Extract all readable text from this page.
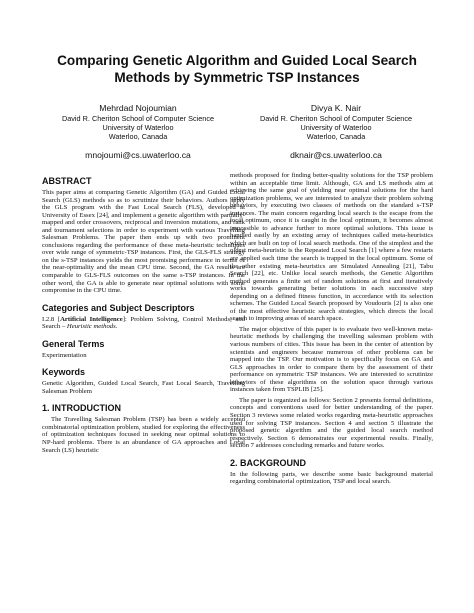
Comparing Genetic Algorithm and Guided Local Search
Methods by Symmetric TSP Instances
Mehrdad Nojoumian
David R. Cheriton School of Computer Science
University of Waterloo
Waterloo, Canada
mnojoumi@cs.uwaterloo.ca
Divya K. Nair
David R. Cheriton School of Computer Science
University of Waterloo
Waterloo, Canada
dknair@cs.uwaterloo.ca
ABSTRACT

This paper aims at comparing Genetic Algorithm (GA) and Guided Local Search (GLS) methods so as to scrutinize their behaviors. Authors apply the GLS program with the Fast Local Search (FLS), developed at University of Essex [24], and implement a genetic algorithm with partially-mapped and order crossovers, reciprocal and inversion mutations, and rank and tournament selections in order to experiment with various Travelling Salesman Problems. The paper then ends up with two prominent conclusions regarding the performance of these meta-heuristic techniques over wide range of symmetric-TSP instances. First, the GLS-FLS strategy on the s-TSP instances yields the most promising performance in terms of the near-optimality and the mean CPU time. Second, the GA results are comparable to GLS-FLS outcomes on the same s-TSP instances. In the other word, the GA is able to generate near optimal solutions with some compromise in the CPU time.

Categories and Subject Descriptors

I.2.8 [Artificial Intelligence]: Problem Solving, Control Methods, and Search – Heuristic methods.

General Terms

Experimentation

Keywords

Genetic Algorithm, Guided Local Search, Fast Local Search, Travelling Salesman Problem

1. INTRODUCTION

The Travelling Salesman Problem (TSP) has been a widely accepted combinatorial optimization problem, studied for exploring the effectiveness of optimization techniques focused in seeking near optimal solutions to NP-hard problems. There is an abundance of GA approaches and Local Search (LS) heuristic

methods proposed for finding better-quality solutions for the TSP problem within an acceptable time limit. Although, GA and LS methods aim at achieving the same goal of yielding near optimal solutions for the hard optimization problems, we are interested to analyze their problem solving behaviors, by executing two classes of methods on the standard s-TSP instances. The main concern regarding local search is the escape from the local optimum, once it is caught in the local optimum, it becomes almost impossible to advance further to more optimal solutions. This issue is handled easily by an existing array of techniques called meta-heuristics which are built on top of local search methods. One of the simplest and the oldest meta-heuristic is the Repeated Local Search [1] where a few restarts are applied each time the search is trapped in the local optimum. Some of the other existing meta-heuristics are Simulated Annealing [21], Tabu Search [22], etc. Unlike local search methods, the Genetic Algorithm method generates a finite set of random solutions at first and iteratively works towards generating better solutions in each successive step depending on a defined fitness function, in accordance with its selection schemes. The Guided Local Search proposed by Voudouris [2] is also one of the most effective heuristic search strategies, which directs the local search to improving areas of search space.

The major objective of this paper is to evaluate two well-known meta-heuristic methods by challenging the travelling salesman problem with various numbers of cities. This issue has been in the center of attention by scientists and engineers because numerous of other problems can be mapped into the TSP. Our motivation is to specifically focus on GA and GLS approaches in order to compare them by the assessment of their performance on symmetric TSP instances. We are interested to scrutinize behaviors of these algorithms on the solution space through various instances taken from TSPLIB [25].

The paper is organized as follows: Section 2 presents formal definitions, concepts and conventions used for better understanding of the paper. Section 3 reviews some related works regarding meta-heuristic approaches used for solving TSP instances. Section 4 and section 5 illustrate the proposed genetic algorithm and the guided local search method respectively. Section 6 demonstrates our experimental results. Finally, section 7 addresses concluding remarks and future works.

2. BACKGROUND

In the following parts, we describe some basic background material regarding combinatorial optimization, TSP and local search.
